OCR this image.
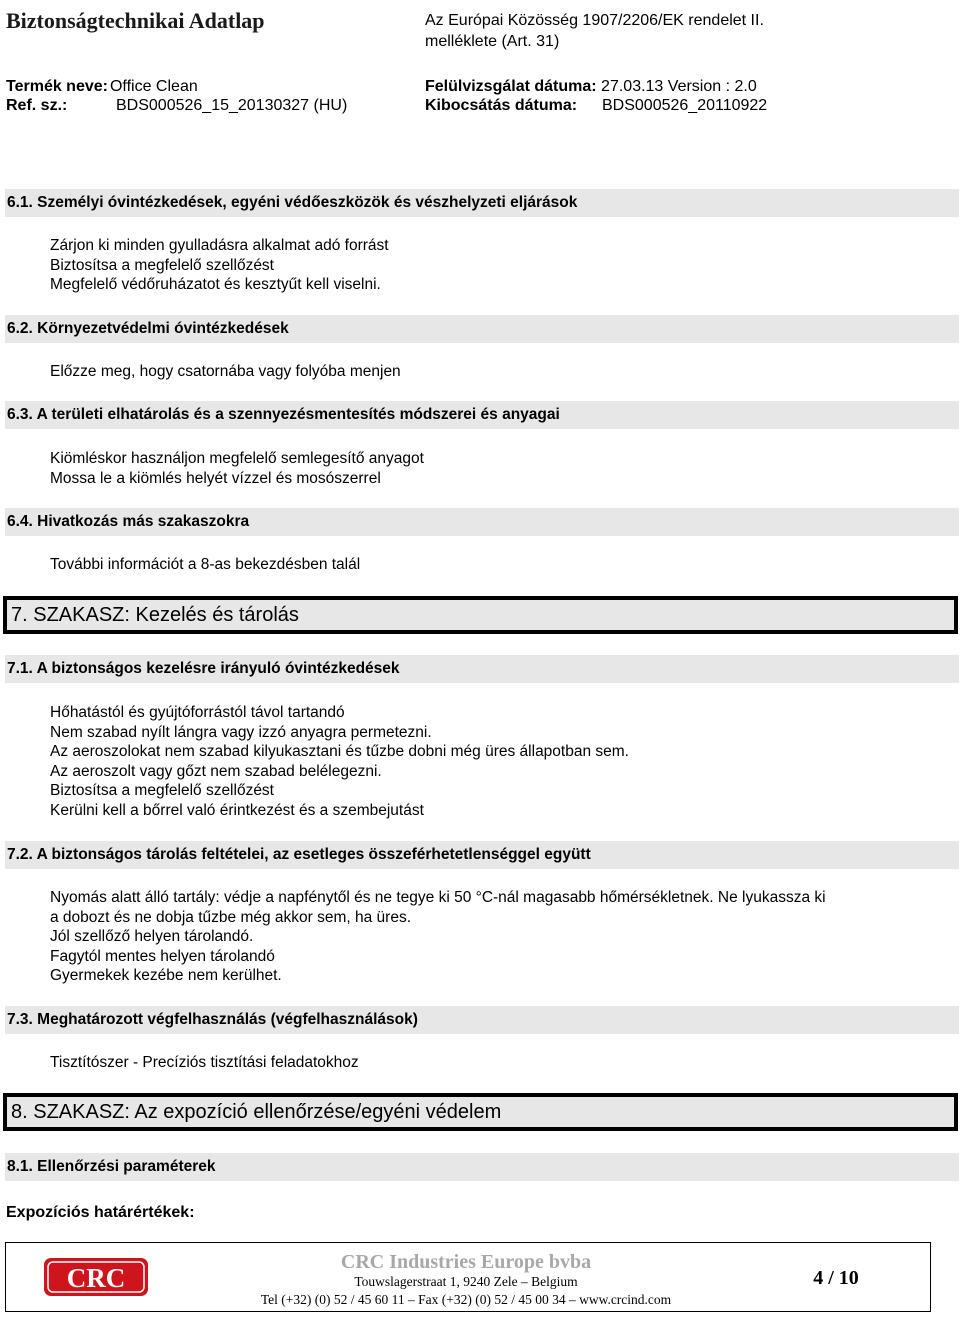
Biztonságtechnikai Adatlap	Az Európai Közösség 1907/2206/EK rendelet II.
melléklete (Art. 31)
Termék neve: Office Clean
Ref. sz.:	BDS000526_15_20130327 (HU)
Felülvizsgálat dátuma: 27.03.13 Version : 2.0
Kibocsátás dátuma: BDS000526_20110922
6.1. Személyi óvintézkedések, egyéni védőeszközök és vészhelyzeti eljárások
Zárjon ki minden gyulladásra alkalmat adó forrást
Biztosítsa a megfelelő szellőzést
Megfelelő védőruházatot és kesztyűt kell viselni.
6.2. Környezetvédelmi óvintézkedések
Előzze meg, hogy csatornába vagy folyóba menjen
6.3. A területi elhatárolás és a szennyezésmentesítés módszerei és anyagai
Kiömléskor használjon megfelelő semlegesítő anyagot
Mossa le a kiömlés helyét vízzel és mosószerrel
6.4. Hivatkozás más szakaszokra
További információt a 8-as bekezdésben talál
7. SZAKASZ: Kezelés és tárolás
7.1. A biztonságos kezelésre irányuló óvintézkedések
Hőhatástól és gyújtóforrástól távol tartandó
Nem szabad nyílt lángra vagy izzó anyagra permetezni.
Az aeroszolokat nem szabad kilyukasztani és tűzbe dobni még üres állapotban sem.
Az aeroszolt vagy gőzt nem szabad belélegezni.
Biztosítsa a megfelelő szellőzést
Kerülni kell a bőrrel való érintkezést és a szembejutást
7.2. A biztonságos tárolás feltételei, az esetleges összeférhetetlenséggel együtt
Nyomás alatt álló tartály: védje a napfénytől és ne tegye ki 50 °C-nál magasabb hőmérsékletnek. Ne lyukassza ki
a dobozt és ne dobja tűzbe még akkor sem, ha üres.
Jól szellőző helyen tárolandó.
Fagytól mentes helyen tárolandó
Gyermekek kezébe nem kerülhet.
7.3. Meghatározott végfelhasználás (végfelhasználások)
Tisztítószer - Precíziós tisztítási feladatokhoz
8. SZAKASZ: Az expozíció ellenőrzése/egyéni védelem
8.1. Ellenőrzési paraméterek
Expozíciós határértékek:
CRC
CRC Industries Europe bvba
Touwslagerstraat 1, 9240 Zele – Belgium
Tel (+32) (0) 52 / 45 60 11 – Fax (+32) (0) 52 / 45 00 34 – www.crcind.com
4 / 10
